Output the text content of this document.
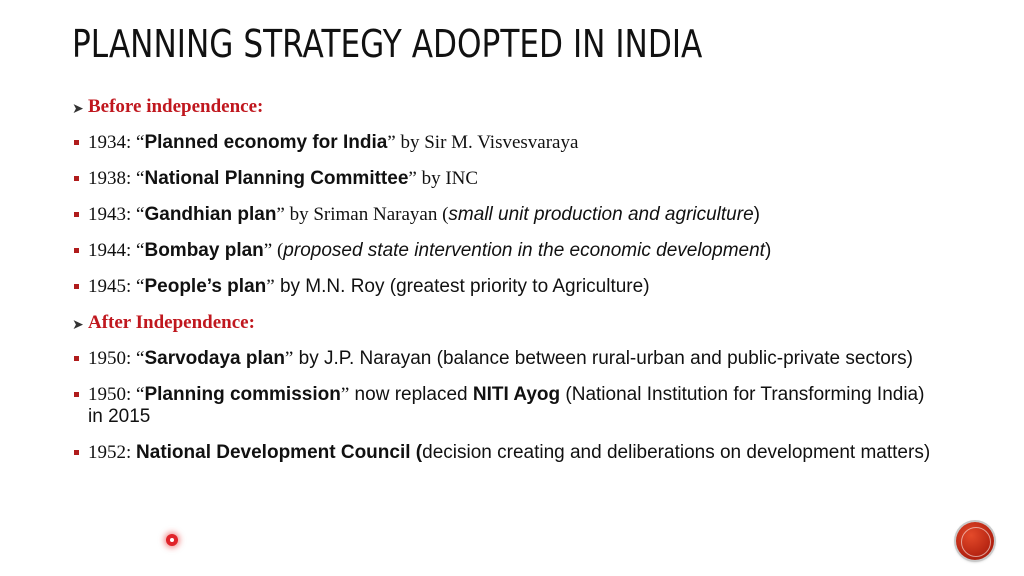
PLANNING STRATEGY ADOPTED IN INDIA
➤ Before independence:
1934: “Planned economy for India” by Sir M. Visvesvaraya
1938: “National Planning Committee” by INC
1943: “Gandhian plan” by Sriman Narayan (small unit production and agriculture)
1944: “Bombay plan” (proposed state intervention in the economic development)
1945: “People’s plan” by M.N. Roy (greatest priority to Agriculture)
➤ After Independence:
1950: “Sarvodaya plan” by J.P. Narayan (balance between rural-urban and public-private sectors)
1950: “Planning commission” now replaced NITI Ayog (National Institution for Transforming India) in 2015
1952: National Development Council (decision creating and deliberations on development matters)
